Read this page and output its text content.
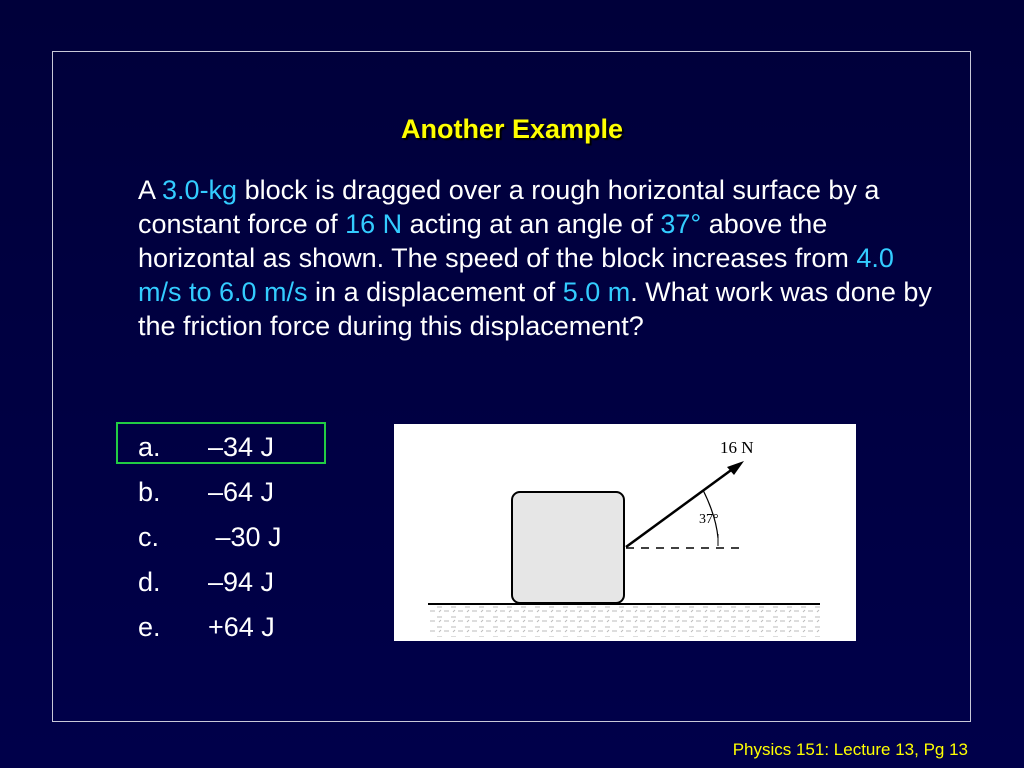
Another Example
A 3.0-kg block is dragged over a rough horizontal surface by a constant force of 16 N acting at an angle of 37° above the horizontal as shown. The speed of the block increases from 4.0 m/s to 6.0 m/s in a displacement of 5.0 m. What work was done by the friction force during this displacement?
a. –34 J
b. –64 J
c. –30 J
d. –94 J
e. +64 J
16 N
37°
Physics 151: Lecture 13, Pg 13
